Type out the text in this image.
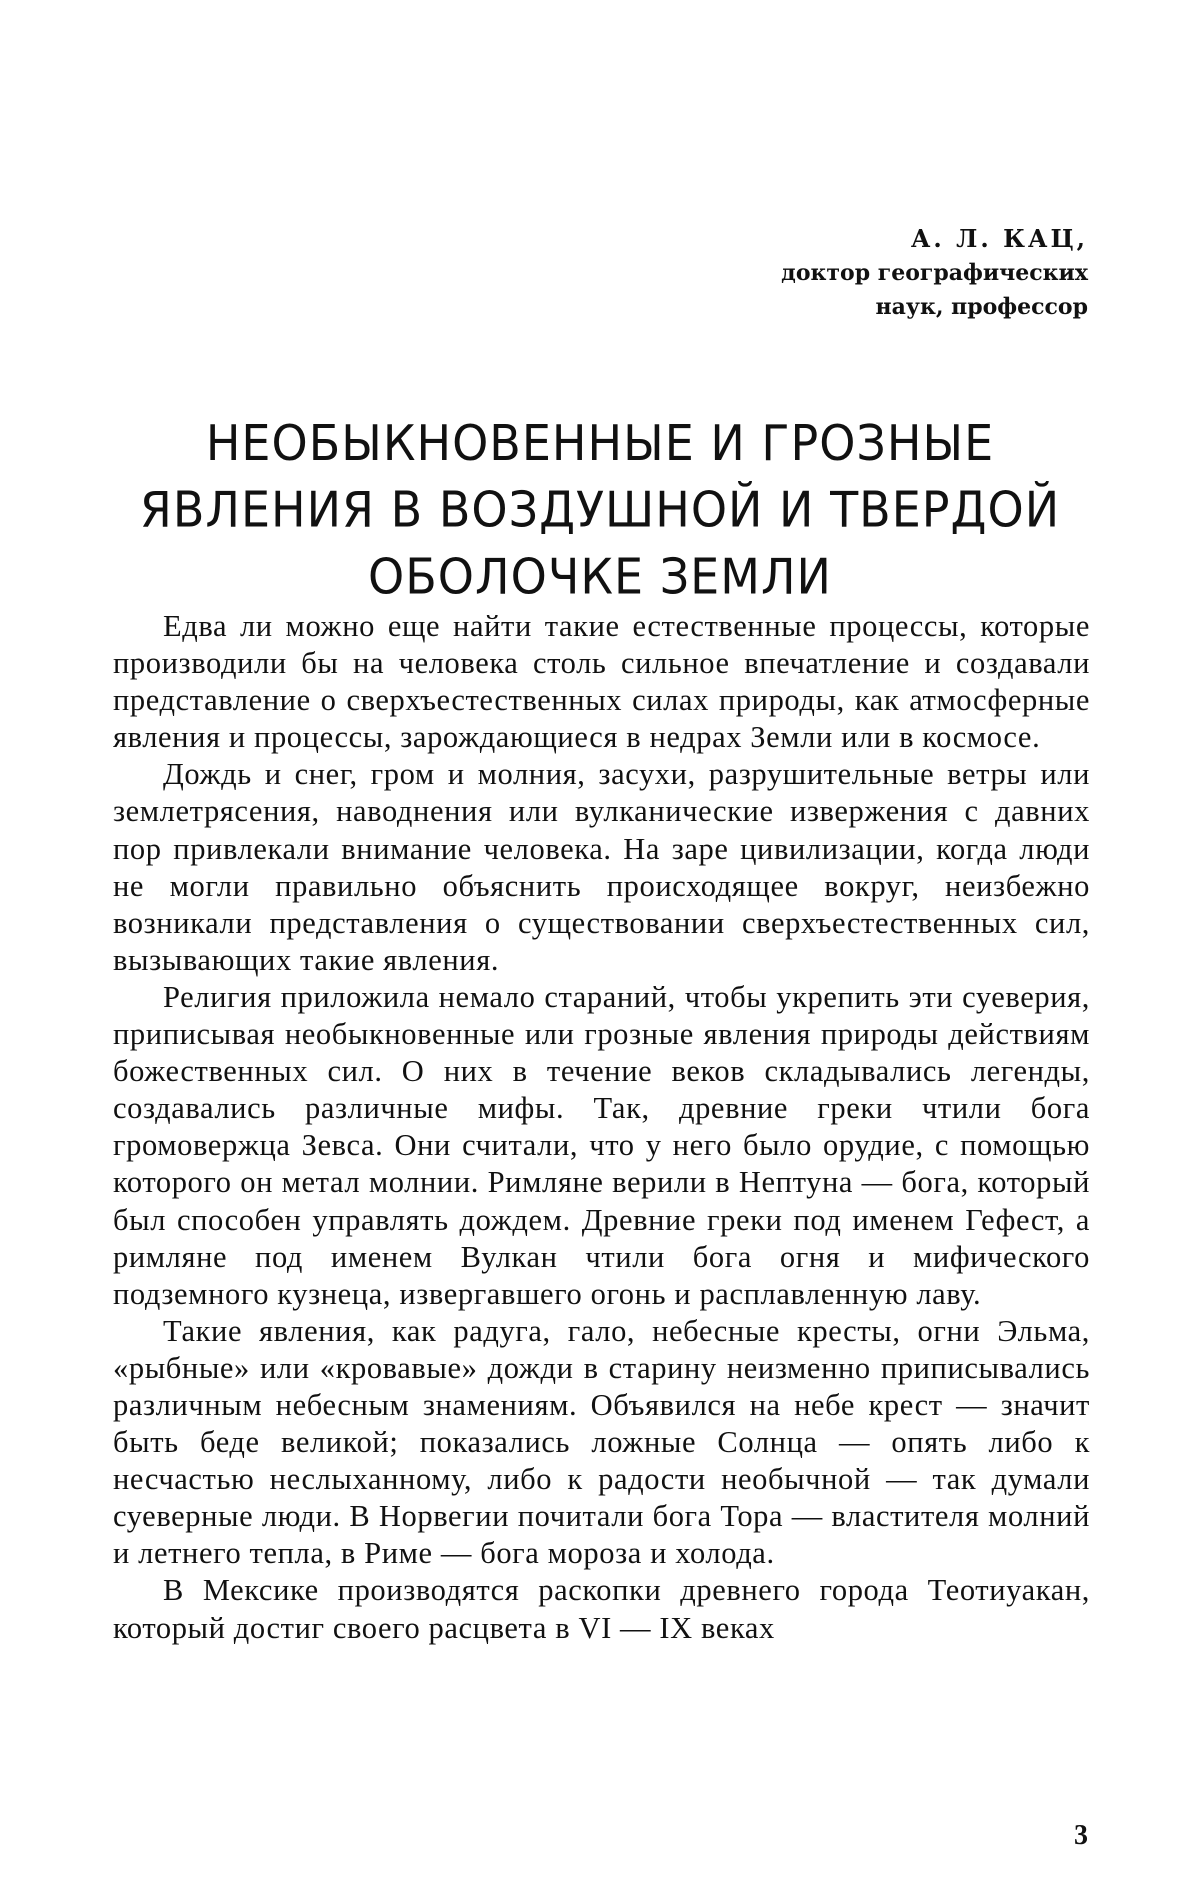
А. Л. КАЦ,
доктор географических
наук, профессор
НЕОБЫКНОВЕННЫЕ И ГРОЗНЫЕ
ЯВЛЕНИЯ В ВОЗДУШНОЙ И ТВЕРДОЙ
ОБОЛОЧКЕ ЗЕМЛИ

Едва ли можно еще найти такие естественные процессы, которые производили бы на человека столь сильное впечатление и создавали представление о сверхъестественных силах природы, как атмосферные явления и процессы, зарождающиеся в недрах Земли или в космосе.

Дождь и снег, гром и молния, засухи, разрушительные ветры или землетрясения, наводнения или вулканические извержения с давних пор привлекали внимание человека. На заре цивилизации, когда люди не могли правильно объяснить происходящее вокруг, неизбежно возникали представления о существовании сверхъестественных сил, вызывающих такие явления.

Религия приложила немало стараний, чтобы укрепить эти суеверия, приписывая необыкновенные или грозные явления природы действиям божественных сил. О них в течение веков складывались легенды, создавались различные мифы. Так, древние греки чтили бога громовержца Зевса. Они считали, что у него было орудие, с помощью которого он метал молнии. Римляне верили в Нептуна — бога, который был способен управлять дождем. Древние греки под именем Гефест, а римляне под именем Вулкан чтили бога огня и мифического подземного кузнеца, извергавшего огонь и расплавленную лаву.

Такие явления, как радуга, гало, небесные кресты, огни Эльма, «рыбные» или «кровавые» дожди в старину неизменно приписывались различным небесным знамениям. Объявился на небе крест — значит быть беде великой; показались ложные Солнца — опять либо к несчастью неслыханному, либо к радости необычной — так думали суеверные люди. В Норвегии почитали бога Тора — властителя молний и летнего тепла, в Риме — бога мороза и холода.

В Мексике производятся раскопки древнего города Теотиуакан, который достиг своего расцвета в VI — IX веках

3
